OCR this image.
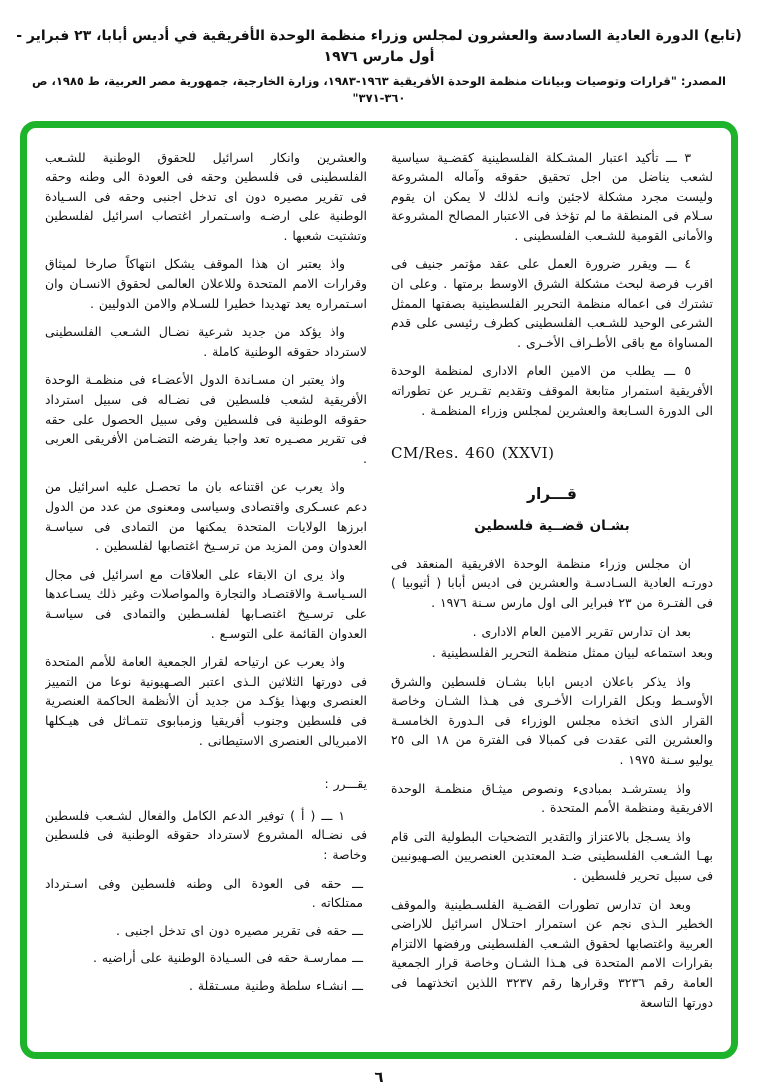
(تابع) الدورة العادية السادسة والعشرون لمجلس وزراء منظمة الوحدة الأفريقية في أديس أبابا، ٢٣ فبراير - أول مارس ١٩٧٦
المصدر: "قرارات وتوصيات وبيانات منظمة الوحدة الأفريقية ١٩٦٣-١٩٨٣، وزارة الخارجية، جمهورية مصر العربية، ط ١٩٨٥، ص ٣٦٠-٣٧١"

٣ ـــ تأكيد اعتبار المشـكلة الفلسطينية كقضـية سياسية لشعب يناضل من اجل تحقيق حقوقه وآماله المشروعة وليست مجرد مشكلة لاجئين وانـه لذلك لا يمكن ان يقوم سـلام فى المنطقة ما لم تؤخذ فى الاعتبار المصالح المشروعة والأمانى القومية للشـعب الفلسطينى .

٤ ـــ ويقرر ضرورة العمل على عقد مؤتمر جنيف فى اقرب فرصة لبحث مشكلة الشرق الاوسط برمتها . وعلى ان تشترك فى اعماله منظمة التحرير الفلسطينية بصفتها الممثل الشرعى الوحيد للشـعب الفلسطينى كطرف رئيسى على قدم المساواة مع باقى الأطـراف الأخـرى .

٥ ـــ يطلب من الامين العام الادارى لمنظمة الوحدة الأفريقية استمرار متابعة الموقف وتقديم تقـرير عن تطوراته الى الدورة السـابعة والعشرين لمجلس وزراء المنظمـة .

CM/Res. 460 (XXVI)

قـــرار

بشـان قضــية فلسطين

ان مجلس وزراء منظمة الوحدة الافريقية المنعقد فى دورتـه العادية السـادسـة والعشرين فى اديس أبابا ( أثيوبيا ) فى الفتـرة من ٢٣ فبراير الى اول مارس سـنة ١٩٧٦ .

بعد ان تدارس تقرير الامين العام الادارى .

وبعد استماعه لبيان ممثل منظمة التحرير الفلسطينية .

واذ يذكر باعلان اديس ابابا بشـان فلسطين والشرق الأوسـط وبكل القرارات الأخـرى فى هـذا الشـان وخاصة القرار الذى اتخذه مجلس الوزراء فى الـدورة الخامسـة والعشرين التى عقدت فى كمبالا فى الفترة من ١٨ الى ٢٥ يوليو سـنة ١٩٧٥ .

واذ يسترشـد بمبادىء ونصوص ميثـاق منظمـة الوحدة الافريقية ومنظمة الأمم المتحدة .

واذ يسـجل بالاعتزاز والتقدير التضحيات البطولية التى قام بهـا الشـعب الفلسطينى ضـد المعتدين العنصريين الصـهيونيين فى سبيل تحرير فلسطين .

وبعد ان تدارس تطورات القضـية الفلسـطينية والموقف الخطير الـذى نجم عن استمرار احتـلال اسرائيل للاراضى العربية واغتصابها لحقوق الشـعب الفلسطينى ورفضها الالتزام بقرارات الامم المتحدة فى هـذا الشـان وخاصة قرار الجمعية العامة رقم ٣٢٣٦ وقرارها رقم ٣٢٣٧ اللذين اتخذتهما فى دورتها التاسعة

والعشرين وانكار اسرائيل للحقوق الوطنية للشـعب الفلسطينى فى فلسطين وحقه فى العودة الى وطنه وحقه فى تقرير مصيره دون اى تدخل اجنبى وحقه فى السـيادة الوطنية على ارضـه واسـتمرار اغتصاب اسرائيل لفلسطين وتشتيت شعبها .

واذ يعتبر ان هذا الموقف يشكل انتهاكاً صارخا لميثاق وقرارات الامم المتحدة وللاعلان العالمى لحقوق الانسـان وان اسـتمراره يعد تهديدا خطيرا للسـلام والامن الدوليين .

واذ يؤكد من جديد شرعية نضـال الشـعب الفلسطينى لاسترداد حقوقه الوطنية كاملة .

واذ يعتبر ان مسـاندة الدول الأعضـاء فى منظمـة الوحدة الأفريقية لشعب فلسطين فى نضـاله فى سبيل استرداد حقوقه الوطنية فى فلسطين وفى سبيل الحصول على حقه فى تقرير مصـيره تعد واجبا يفرضه التضـامن الأفريقى العربى .

واذ يعرب عن اقتناعه بان ما تحصـل عليه اسرائيل من دعم عسـكرى واقتصادى وسياسى ومعنوى من عدد من الدول ابرزها الولايات المتحدة يمكنها من التمادى فى سياسـة العدوان ومن المزيد من ترسـيخ اغتصابها لفلسطين .

واذ يرى ان الابقاء على العلاقات مع اسرائيل فى مجال السـياسـة والاقتصـاد والتجارة والمواصلات وغير ذلك يسـاعدها على ترسـيخ اغتصـابها لفلسـطين والتمادى فى سياسـة العدوان القائمة على التوسـع .

واذ يعرب عن ارتياحه لقرار الجمعية العامة للأمم المتحدة فى دورتها الثلاثين الـذى اعتبر الصـهيونية نوعا من التمييز العنصرى وبهذا يؤكـد من جديد أن الأنظمة الحاكمة العنصرية فى فلسطين وجنوب أفريقيا وزمبابوى تتمـاثل فى هيـكلها الامبريالى العنصرى الاستيطانى .

يقـــرر :

١ ـــ ( أ ) توفير الدعم الكامل والفعال لشـعب فلسطين فى نضـاله المشروع لاسترداد حقوقه الوطنية فى فلسطين وخاصة :

ـــ حقه فى العودة الى وطنه فلسطين وفى اسـترداد ممتلكاته .

ـــ حقه فى تقرير مصيره دون اى تدخل اجنبى .

ـــ ممارسـة حقه فى السـيادة الوطنية على أراضيه .

ـــ انشـاء سلطة وطنية مسـتقلة .

٦
